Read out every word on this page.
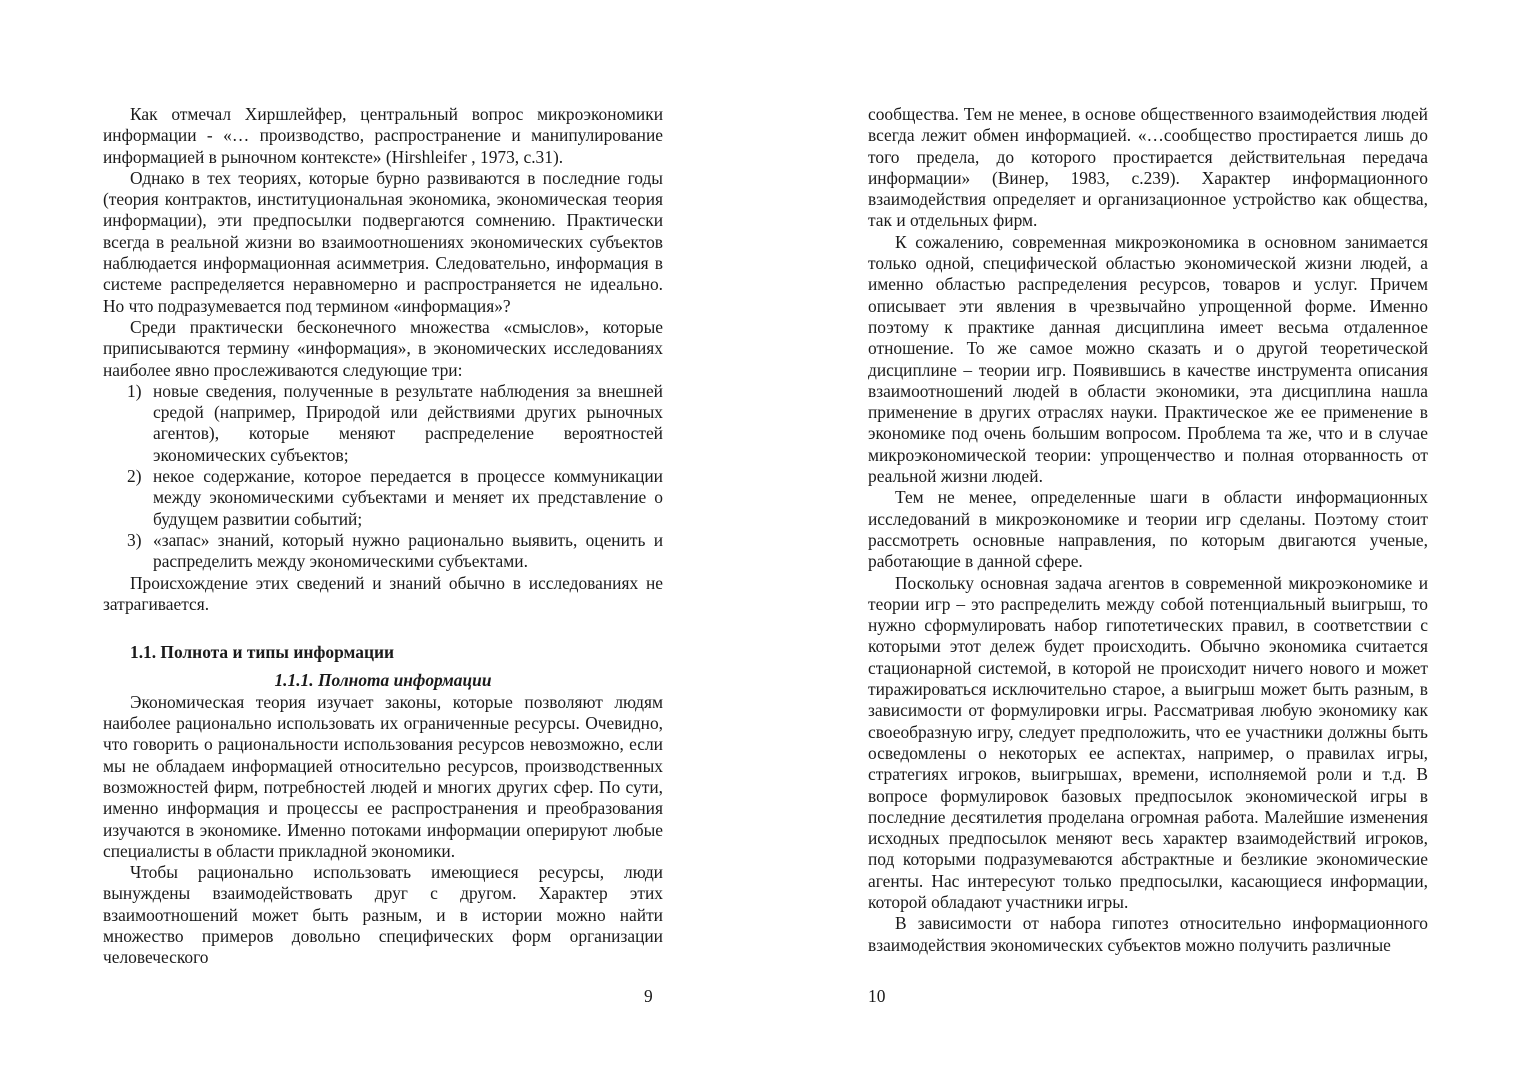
Как отмечал Хиршлейфер, центральный вопрос микроэкономики информации - «… производство, распространение и манипулирование информацией в рыночном контексте» (Hirshleifer , 1973, с.31).

Однако в тех теориях, которые бурно развиваются в последние годы (теория контрактов, институциональная экономика, экономическая теория информации), эти предпосылки подвергаются сомнению. Практически всегда в реальной жизни во взаимоотношениях экономических субъектов наблюдается информационная асимметрия. Следовательно, информация в системе распределяется неравномерно и распространяется не идеально. Но что подразумевается под термином «информация»?

Среди практически бесконечного множества «смыслов», которые приписываются термину «информация», в экономических исследованиях наиболее явно прослеживаются следующие три:

1) новые сведения, полученные в результате наблюдения за внешней средой (например, Природой или действиями других рыночных агентов), которые меняют распределение вероятностей экономических субъектов;
2) некое содержание, которое передается в процессе коммуникации между экономическими субъектами и меняет их представление о будущем развитии событий;
3) «запас» знаний, который нужно рационально выявить, оценить и распределить между экономическими субъектами.

Происхождение этих сведений и знаний обычно в исследованиях не затрагивается.

1.1. Полнота и типы информации
1.1.1. Полнота информации

Экономическая теория изучает законы, которые позволяют людям наиболее рационально использовать их ограниченные ресурсы. Очевидно, что говорить о рациональности использования ресурсов невозможно, если мы не обладаем информацией относительно ресурсов, производственных возможностей фирм, потребностей людей и многих других сфер. По сути, именно информация и процессы ее распространения и преобразования изучаются в экономике. Именно потоками информации оперируют любые специалисты в области прикладной экономики.

Чтобы рационально использовать имеющиеся ресурсы, люди вынуждены взаимодействовать друг с другом. Характер этих взаимоотношений может быть разным, и в истории можно найти множество примеров довольно специфических форм организации человеческого

9

сообщества. Тем не менее, в основе общественного взаимодействия людей всегда лежит обмен информацией. «…сообщество простирается лишь до того предела, до которого простирается действительная передача информации» (Винер, 1983, с.239). Характер информационного взаимодействия определяет и организационное устройство как общества, так и отдельных фирм.

К сожалению, современная микроэкономика в основном занимается только одной, специфической областью экономической жизни людей, а именно областью распределения ресурсов, товаров и услуг. Причем описывает эти явления в чрезвычайно упрощенной форме. Именно поэтому к практике данная дисциплина имеет весьма отдаленное отношение. То же самое можно сказать и о другой теоретической дисциплине – теории игр. Появившись в качестве инструмента описания взаимоотношений людей в области экономики, эта дисциплина нашла применение в других отраслях науки. Практическое же ее применение в экономике под очень большим вопросом. Проблема та же, что и в случае микроэкономической теории: упрощенчество и полная оторванность от реальной жизни людей.

Тем не менее, определенные шаги в области информационных исследований в микроэкономике и теории игр сделаны. Поэтому стоит рассмотреть основные направления, по которым двигаются ученые, работающие в данной сфере.

Поскольку основная задача агентов в современной микроэкономике и теории игр – это распределить между собой потенциальный выигрыш, то нужно сформулировать набор гипотетических правил, в соответствии с которыми этот дележ будет происходить. Обычно экономика считается стационарной системой, в которой не происходит ничего нового и может тиражироваться исключительно старое, а выигрыш может быть разным, в зависимости от формулировки игры. Рассматривая любую экономику как своеобразную игру, следует предположить, что ее участники должны быть осведомлены о некоторых ее аспектах, например, о правилах игры, стратегиях игроков, выигрышах, времени, исполняемой роли и т.д. В вопросе формулировок базовых предпосылок экономической игры в последние десятилетия проделана огромная работа. Малейшие изменения исходных предпосылок меняют весь характер взаимодействий игроков, под которыми подразумеваются абстрактные и безликие экономические агенты. Нас интересуют только предпосылки, касающиеся информации, которой обладают участники игры.

В зависимости от набора гипотез относительно информационного взаимодействия экономических субъектов можно получить различные

10
